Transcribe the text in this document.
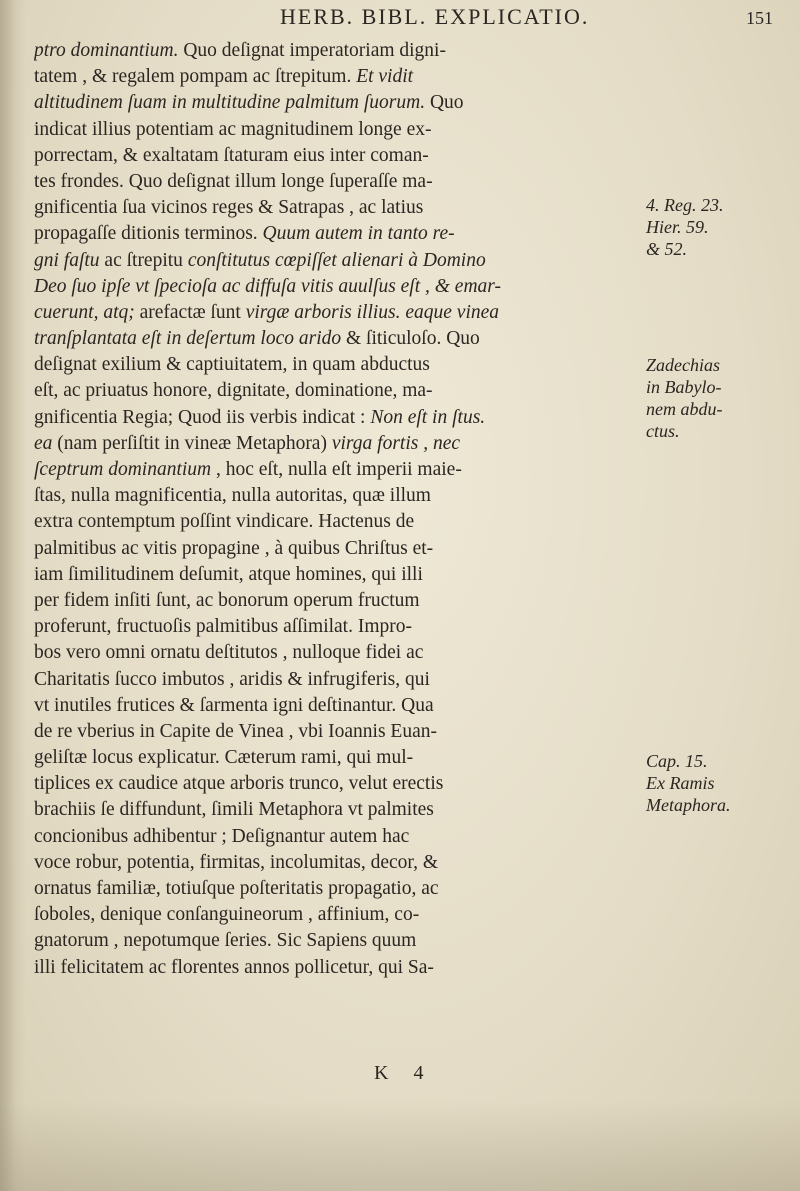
HERB. BIBL. EXPLICATIO.	151
ptro dominantium. Quo deſignat imperatoriam digni-
tatem , & regalem pompam ac ſtrepitum. Et vidit
altitudinem ſuam in multitudine palmitum ſuorum. Quo
indicat illius potentiam ac magnitudinem longe ex-
porrectam, & exaltatam ſtaturam eius inter coman-
tes frondes. Quo deſignat illum longe ſuperaſſe ma-
gnificentia ſua vicinos reges & Satrapas , ac latius
propagaſſe ditionis terminos. Quum autem in tanto re-
gni faſtu ac ſtrepitu conſtitutus cœpiſſet alienari à Domino
Deo ſuo ipſe vt ſpecioſa ac diffuſa vitis auulſus eſt , & emar-
cuerunt, atq; arefactæ ſunt virgæ arboris illius. eaque vinea
tranſplantata eſt in deſertum loco arido & ſiticuloſo. Quo
deſignat exilium & captiuitatem, in quam abductus
eſt, ac priuatus honore, dignitate, dominatione, ma-
gnificentia Regia; Quod iis verbis indicat : Non eſt in ſtus.
ea (nam perſiſtit in vineæ Metaphora) virga fortis , nec
ſceptrum dominantium , hoc eſt, nulla eſt imperii maie-
ſtas, nulla magnificentia, nulla autoritas, quæ illum
extra contemptum poſſint vindicare. Hactenus de
palmitibus ac vitis propagine , à quibus Chriſtus et-
iam ſimilitudinem deſumit, atque homines, qui illi
per fidem inſiti ſunt, ac bonorum operum fructum
proferunt, fructuoſis palmitibus aſſimilat. Impro-
bos vero omni ornatu deſtitutos , nulloque fidei ac
Charitatis ſucco imbutos , aridis & infrugiferis, qui
vt inutiles frutices & ſarmenta igni deſtinantur. Qua
de re vberius in Capite de Vinea , vbi Ioannis Euan-
geliſtæ locus explicatur. Cæterum rami, qui mul-
tiplices ex caudice atque arboris trunco, velut erectis
brachiis ſe diffundunt, ſimili Metaphora vt palmites
concionibus adhibentur ; Deſignantur autem hac
voce robur, potentia, firmitas, incolumitas, decor, &
ornatus familiæ, totiuſque poſteritatis propagatio, ac
ſoboles, denique conſanguineorum , affinium, co-
gnatorum , nepotumque ſeries. Sic Sapiens quum
illi felicitatem ac florentes annos pollicetur, qui Sa-
4. Reg. 23.
Hier. 59.
& 52.
Zadechias
in Babylo-
nem abdu-
ctus.
Cap. 15.
Ex Ramis
Metaphora.
K 4
